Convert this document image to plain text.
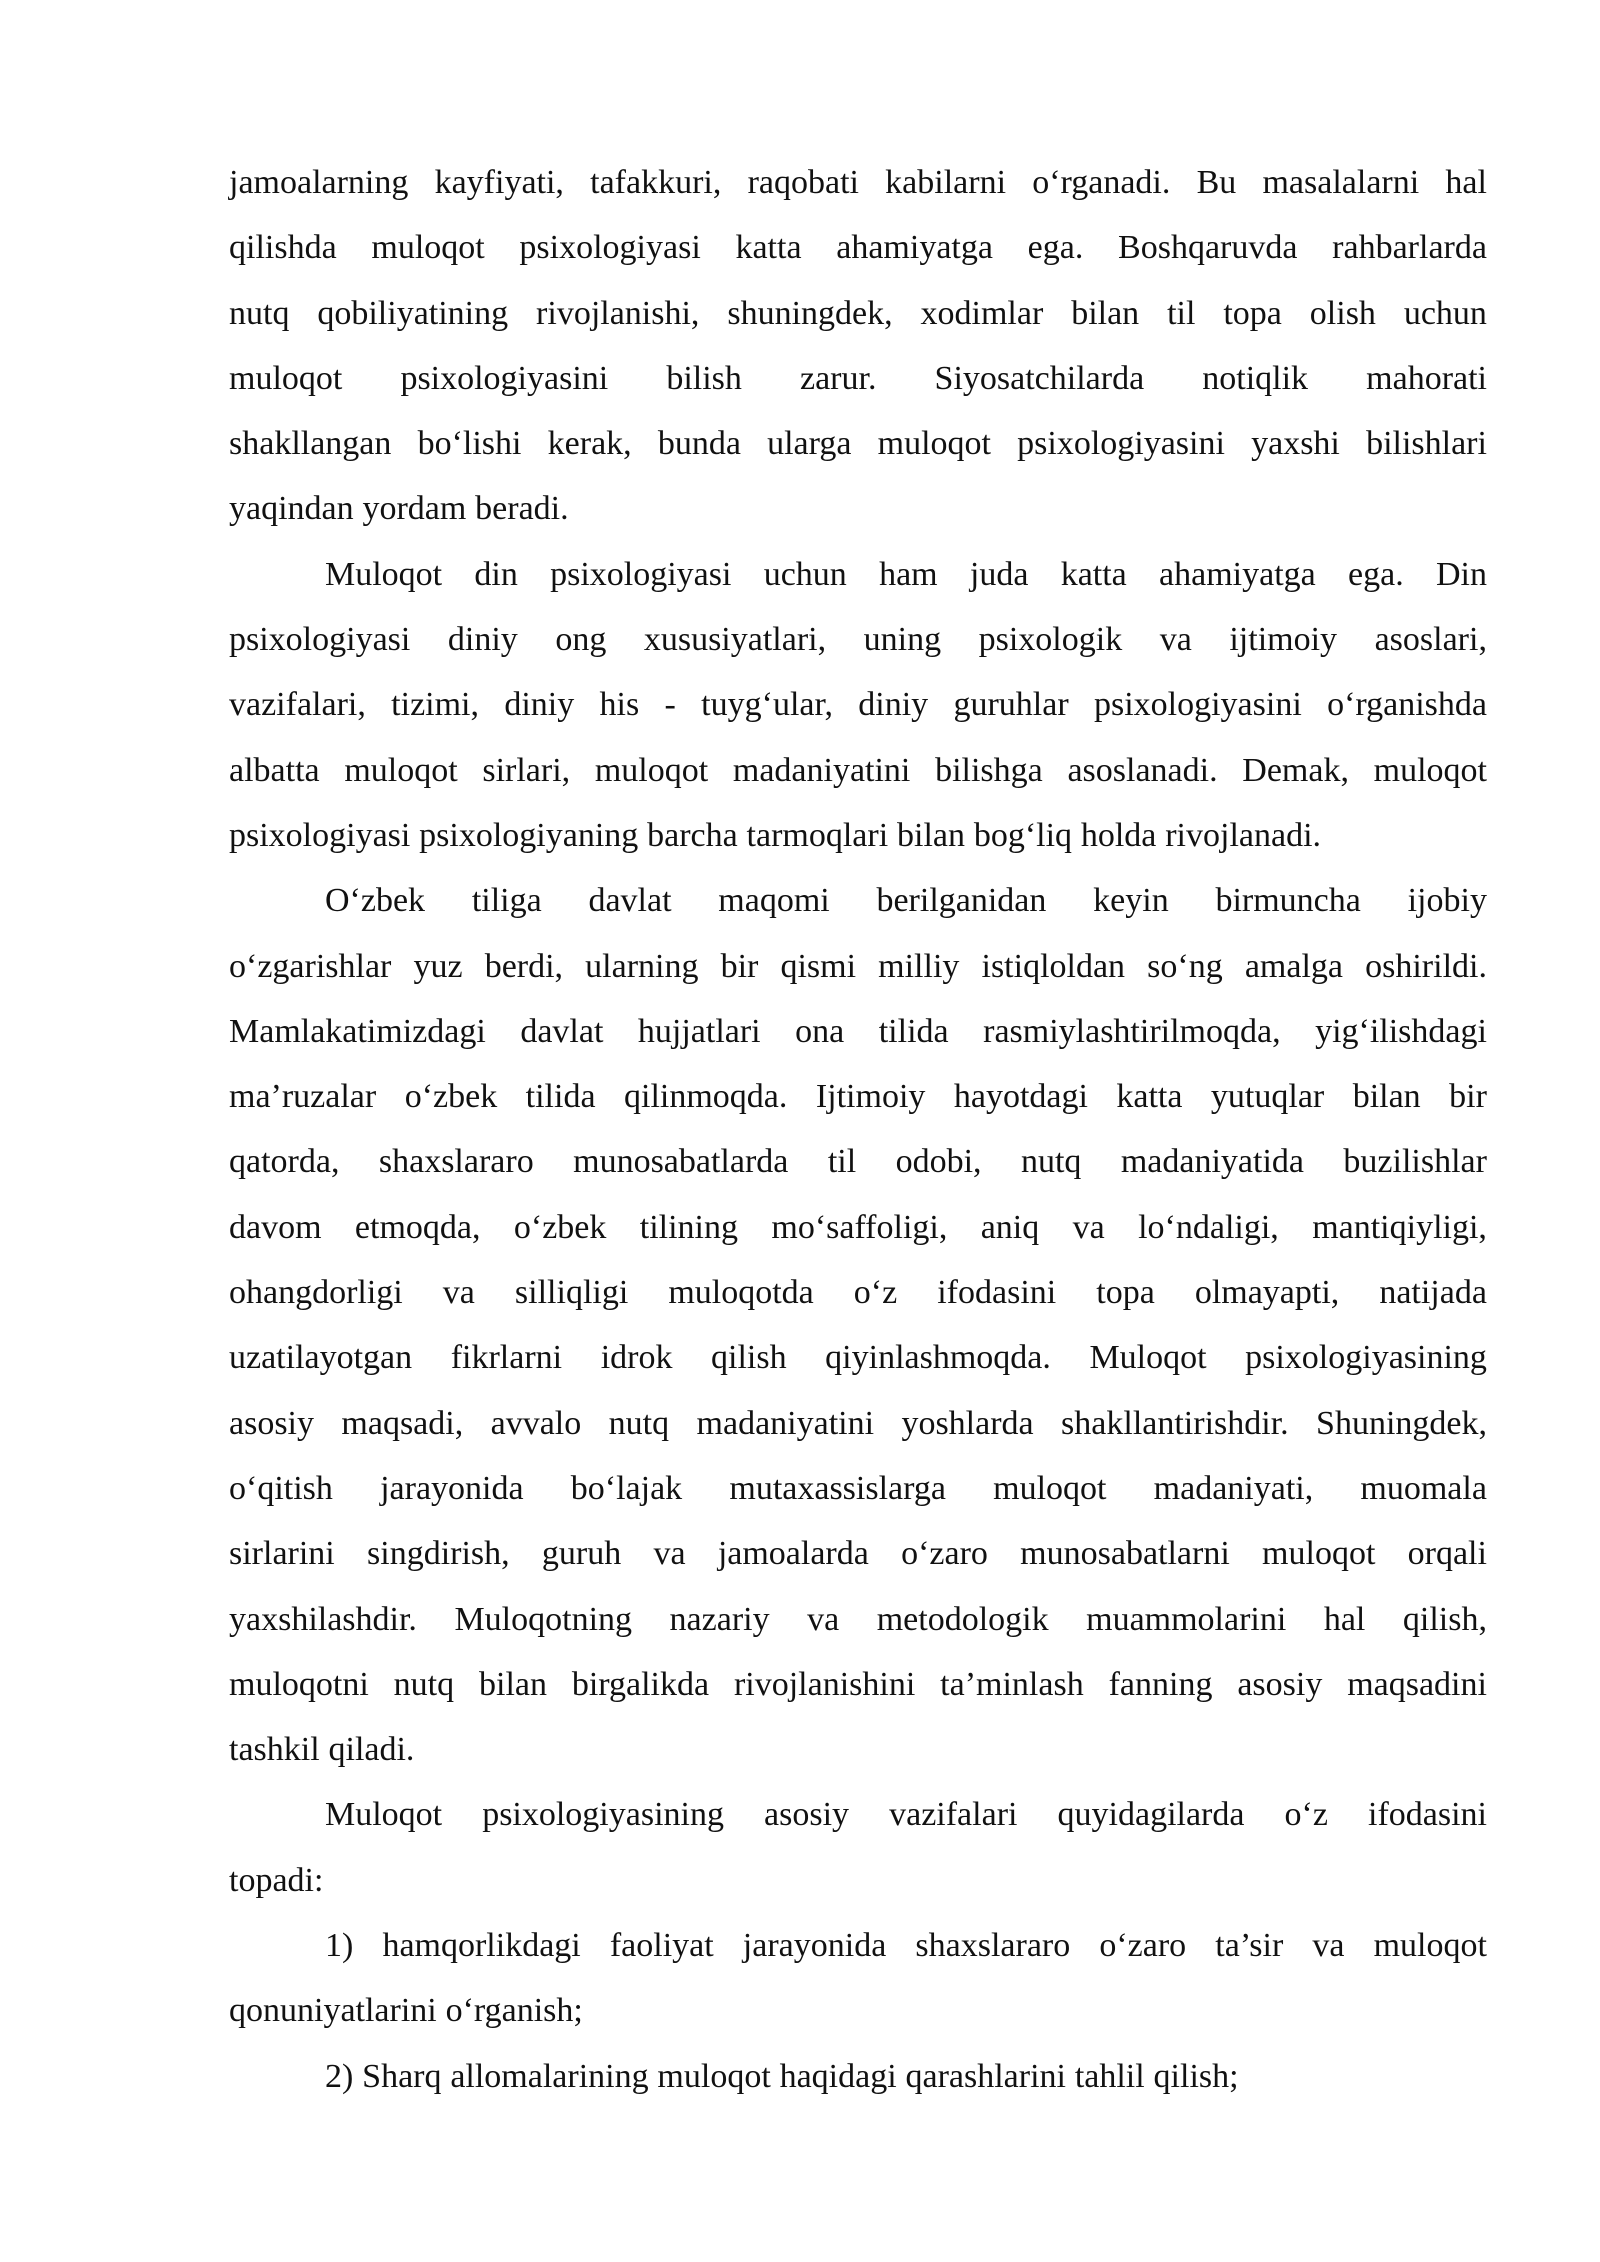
jamoalarning kayfiyati, tafakkuri, raqobati kabilarni o‘rganadi. Bu masalalarni hal
qilishda muloqot psixologiyasi katta ahamiyatga ega. Boshqaruvda rahbarlarda
nutq qobiliyatining rivojlanishi, shuningdek, xodimlar bilan til topa olish uchun
muloqot psixologiyasini bilish zarur. Siyosatchilarda notiqlik mahorati
shakllangan bo‘lishi kerak, bunda ularga muloqot psixologiyasini yaxshi bilishlari
yaqindan yordam beradi.
Muloqot din psixologiyasi uchun ham juda katta ahamiyatga ega. Din
psixologiyasi diniy ong xususiyatlari, uning psixologik va ijtimoiy asoslari,
vazifalari, tizimi, diniy his - tuyg‘ular, diniy guruhlar psixologiyasini o‘rganishda
albatta muloqot sirlari, muloqot madaniyatini bilishga asoslanadi. Demak, muloqot
psixologiyasi psixologiyaning barcha tarmoqlari bilan bog‘liq holda rivojlanadi.
O‘zbek tiliga davlat maqomi berilganidan keyin birmuncha ijobiy
o‘zgarishlar yuz berdi, ularning bir qismi milliy istiqloldan so‘ng amalga oshirildi.
Mamlakatimizdagi davlat hujjatlari ona tilida rasmiylashtirilmoqda, yig‘ilishdagi
ma’ruzalar o‘zbek tilida qilinmoqda. Ijtimoiy hayotdagi katta yutuqlar bilan bir
qatorda, shaxslararo munosabatlarda til odobi, nutq madaniyatida buzilishlar
davom etmoqda, o‘zbek tilining mo‘saffoligi, aniq va lo‘ndaligi, mantiqiyligi,
ohangdorligi va silliqligi muloqotda o‘z ifodasini topa olmayapti, natijada
uzatilayotgan fikrlarni idrok qilish qiyinlashmoqda. Muloqot psixologiyasining
asosiy maqsadi, avvalo nutq madaniyatini yoshlarda shakllantirishdir. Shuningdek,
o‘qitish jarayonida bo‘lajak mutaxassislarga muloqot madaniyati, muomala
sirlarini singdirish, guruh va jamoalarda o‘zaro munosabatlarni muloqot orqali
yaxshilashdir. Muloqotning nazariy va metodologik muammolarini hal qilish,
muloqotni nutq bilan birgalikda rivojlanishini ta’minlash fanning asosiy maqsadini
tashkil qiladi.
Muloqot psixologiyasining asosiy vazifalari quyidagilarda o‘z ifodasini
topadi:
1) hamqorlikdagi faoliyat jarayonida shaxslararo o‘zaro ta’sir va muloqot
qonuniyatlarini o‘rganish;
2) Sharq allomalarining muloqot haqidagi qarashlarini tahlil qilish;
